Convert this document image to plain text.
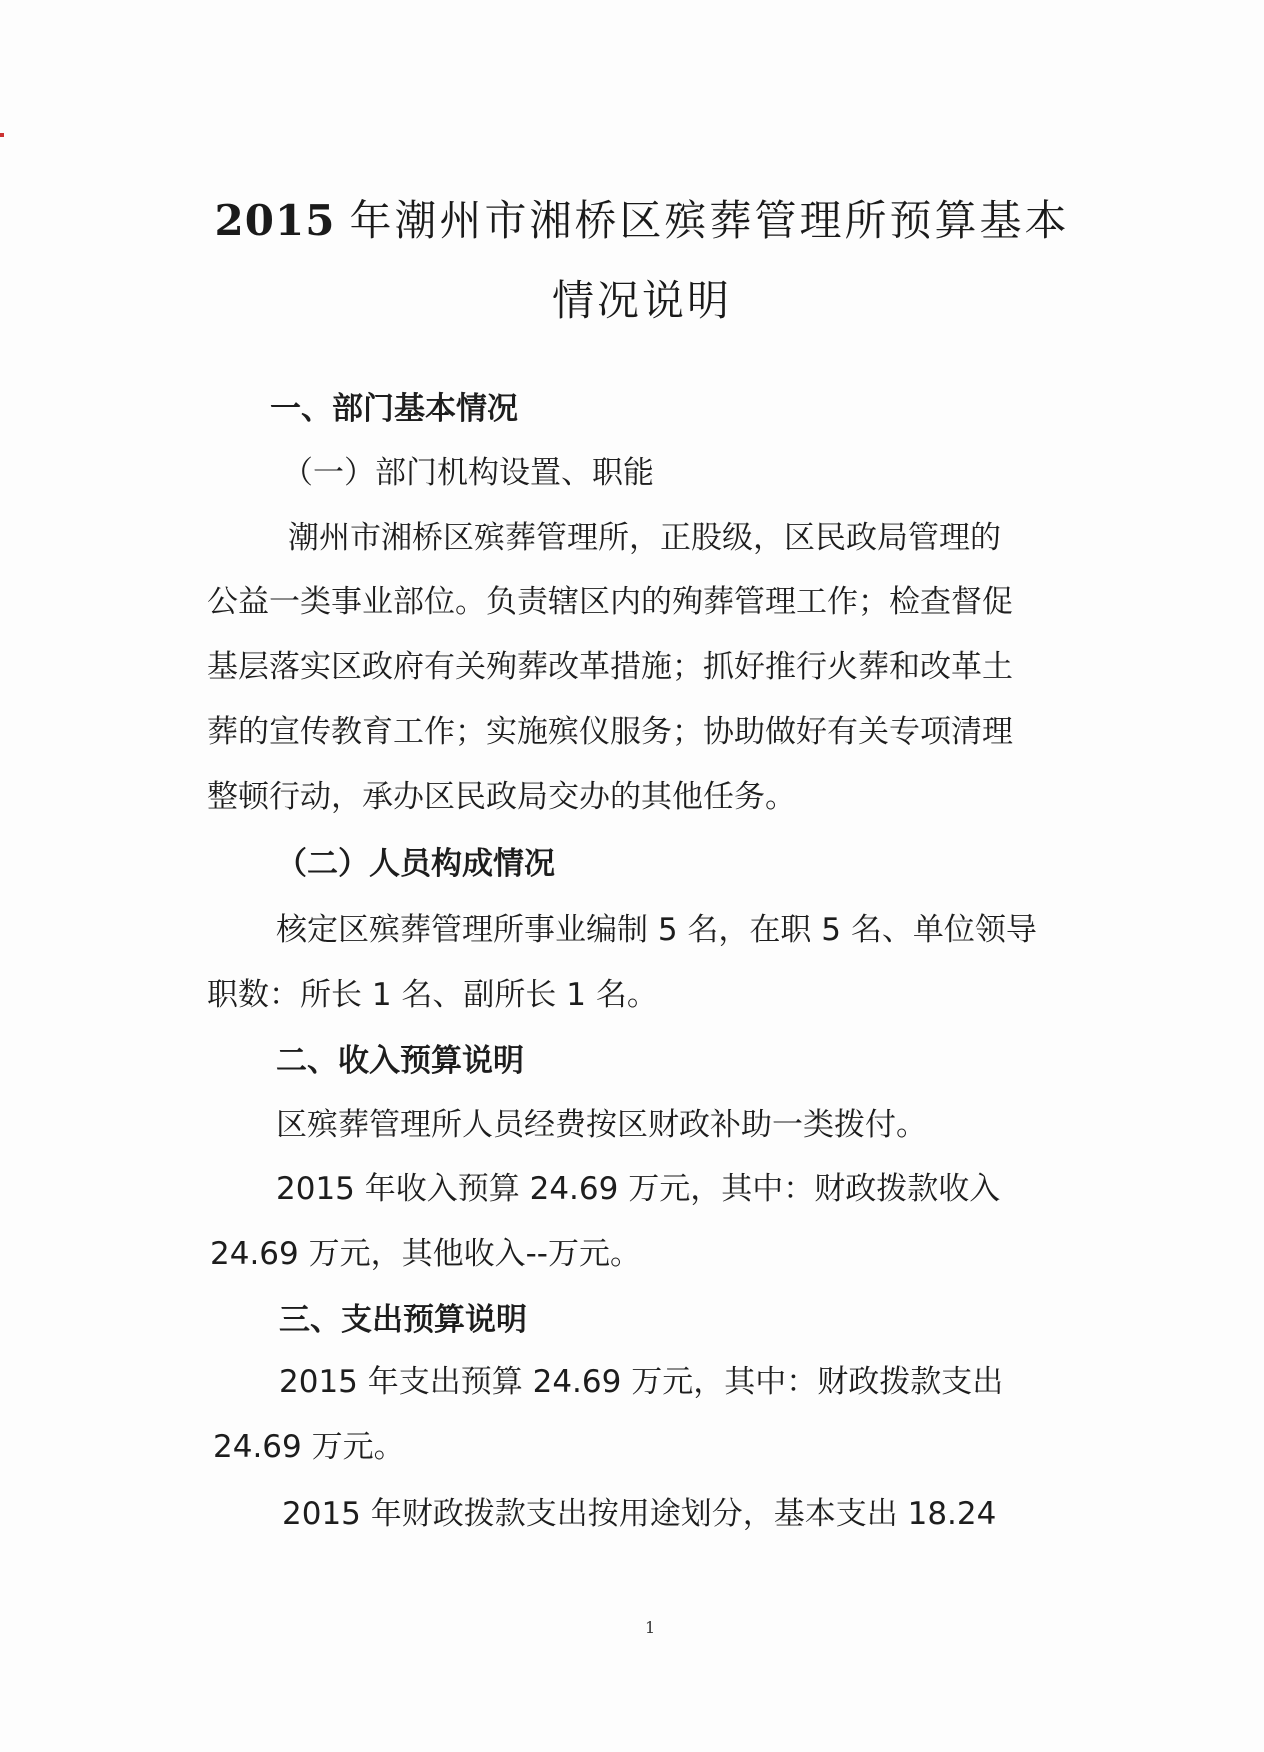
2015 年潮州市湘桥区殡葬管理所预算基本
情况说明
一、部门基本情况
（一）部门机构设置、职能
潮州市湘桥区殡葬管理所，正股级，区民政局管理的
公益一类事业部位。负责辖区内的殉葬管理工作；检查督促
基层落实区政府有关殉葬改革措施；抓好推行火葬和改革土
葬的宣传教育工作；实施殡仪服务；协助做好有关专项清理
整顿行动，承办区民政局交办的其他任务。
（二）人员构成情况
核定区殡葬管理所事业编制 5 名，在职 5 名、单位领导
职数：所长 1 名、副所长 1 名。
二、收入预算说明
区殡葬管理所人员经费按区财政补助一类拨付。
2015 年收入预算 24.69 万元，其中：财政拨款收入
24.69 万元，其他收入--万元。
三、支出预算说明
2015 年支出预算 24.69 万元，其中：财政拨款支出
24.69 万元。
2015 年财政拨款支出按用途划分，基本支出 18.24
1
